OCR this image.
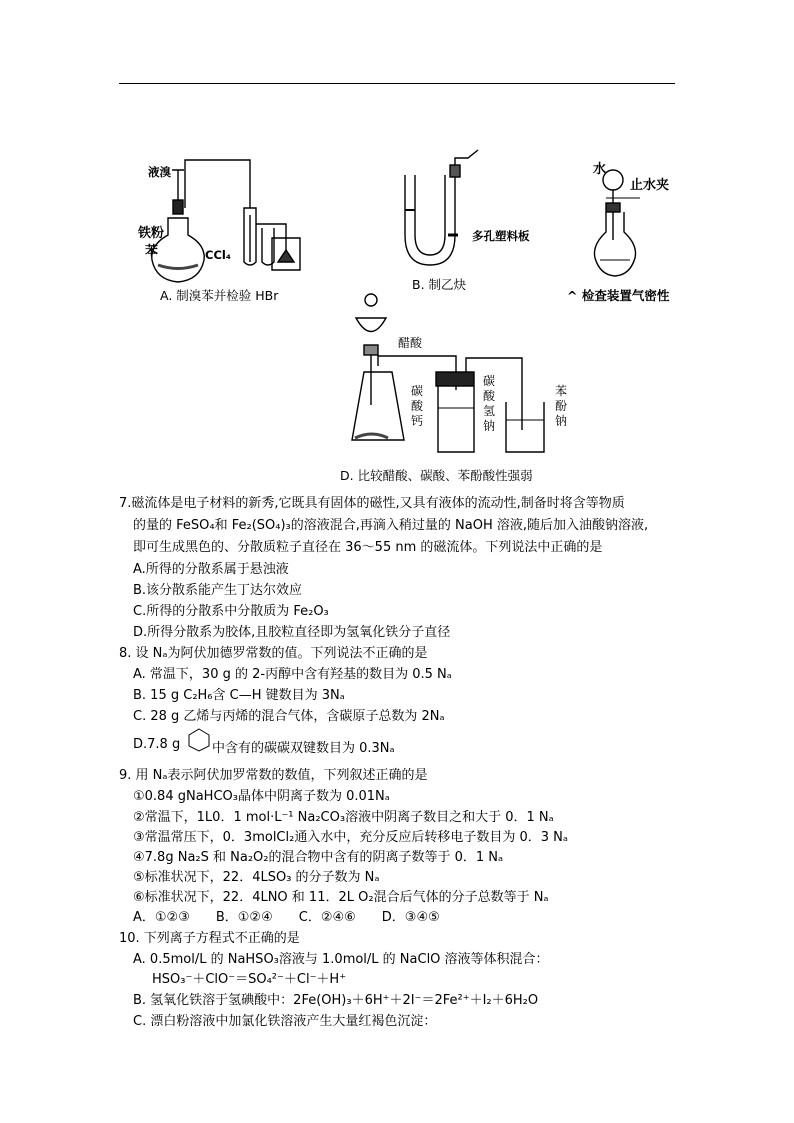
液溴
铁粉
苯	CCl₄
A. 制溴苯并检验 HBr
多孔塑料板
B. 制乙炔
水
止水夹
^ 检查装置气密性
醋酸
碳酸钙
碳酸氢钠
苯酚钠
D. 比较醋酸、碳酸、苯酚酸性强弱
7.磁流体是电子材料的新秀,它既具有固体的磁性,又具有液体的流动性,制备时将含等物质
的量的 FeSO₄和 Fe₂(SO₄)₃的溶液混合,再滴入稍过量的 NaOH 溶液,随后加入油酸钠溶液,
即可生成黑色的、分散质粒子直径在 36～55 nm 的磁流体。下列说法中正确的是
A.所得的分散系属于悬浊液
B.该分散系能产生丁达尔效应
C.所得的分散系中分散质为 Fe₂O₃
D.所得分散系为胶体,且胶粒直径即为氢氧化铁分子直径
8. 设 Nₐ为阿伏加德罗常数的值。下列说法不正确的是
A. 常温下，30 g 的 2-丙醇中含有羟基的数目为 0.5 Nₐ
B. 15 g C₂H₆含 C—H 键数目为 3Nₐ
C. 28 g 乙烯与丙烯的混合气体，含碳原子总数为 2Nₐ
D.7.8 g 中含有的碳碳双键数目为 0.3Nₐ
9. 用 Nₐ表示阿伏加罗常数的数值，下列叙述正确的是
①0.84 gNaHCO₃晶体中阴离子数为 0.01Nₐ
②常温下，1L0．1 mol·L⁻¹ Na₂CO₃溶液中阴离子数目之和大于 0．1 Nₐ
③常温常压下，0．3molCl₂通入水中，充分反应后转移电子数目为 0．3 Nₐ
④7.8g Na₂S 和 Na₂O₂的混合物中含有的阴离子数等于 0．1 Nₐ
⑤标准状况下，22．4LSO₃ 的分子数为 Nₐ
⑥标准状况下，22．4LNO 和 11．2L O₂混合后气体的分子总数等于 Nₐ
A．①②③　　B．①②④　　C．②④⑥　　D．③④⑤
10. 下列离子方程式不正确的是
A. 0.5mol/L 的 NaHSO₃溶液与 1.0mol/L 的 NaClO 溶液等体积混合：
HSO₃⁻＋ClO⁻＝SO₄²⁻＋Cl⁻＋H⁺
B. 氢氧化铁溶于氢碘酸中：2Fe(OH)₃＋6H⁺＋2I⁻＝2Fe²⁺＋I₂＋6H₂O
C. 漂白粉溶液中加氯化铁溶液产生大量红褐色沉淀：
